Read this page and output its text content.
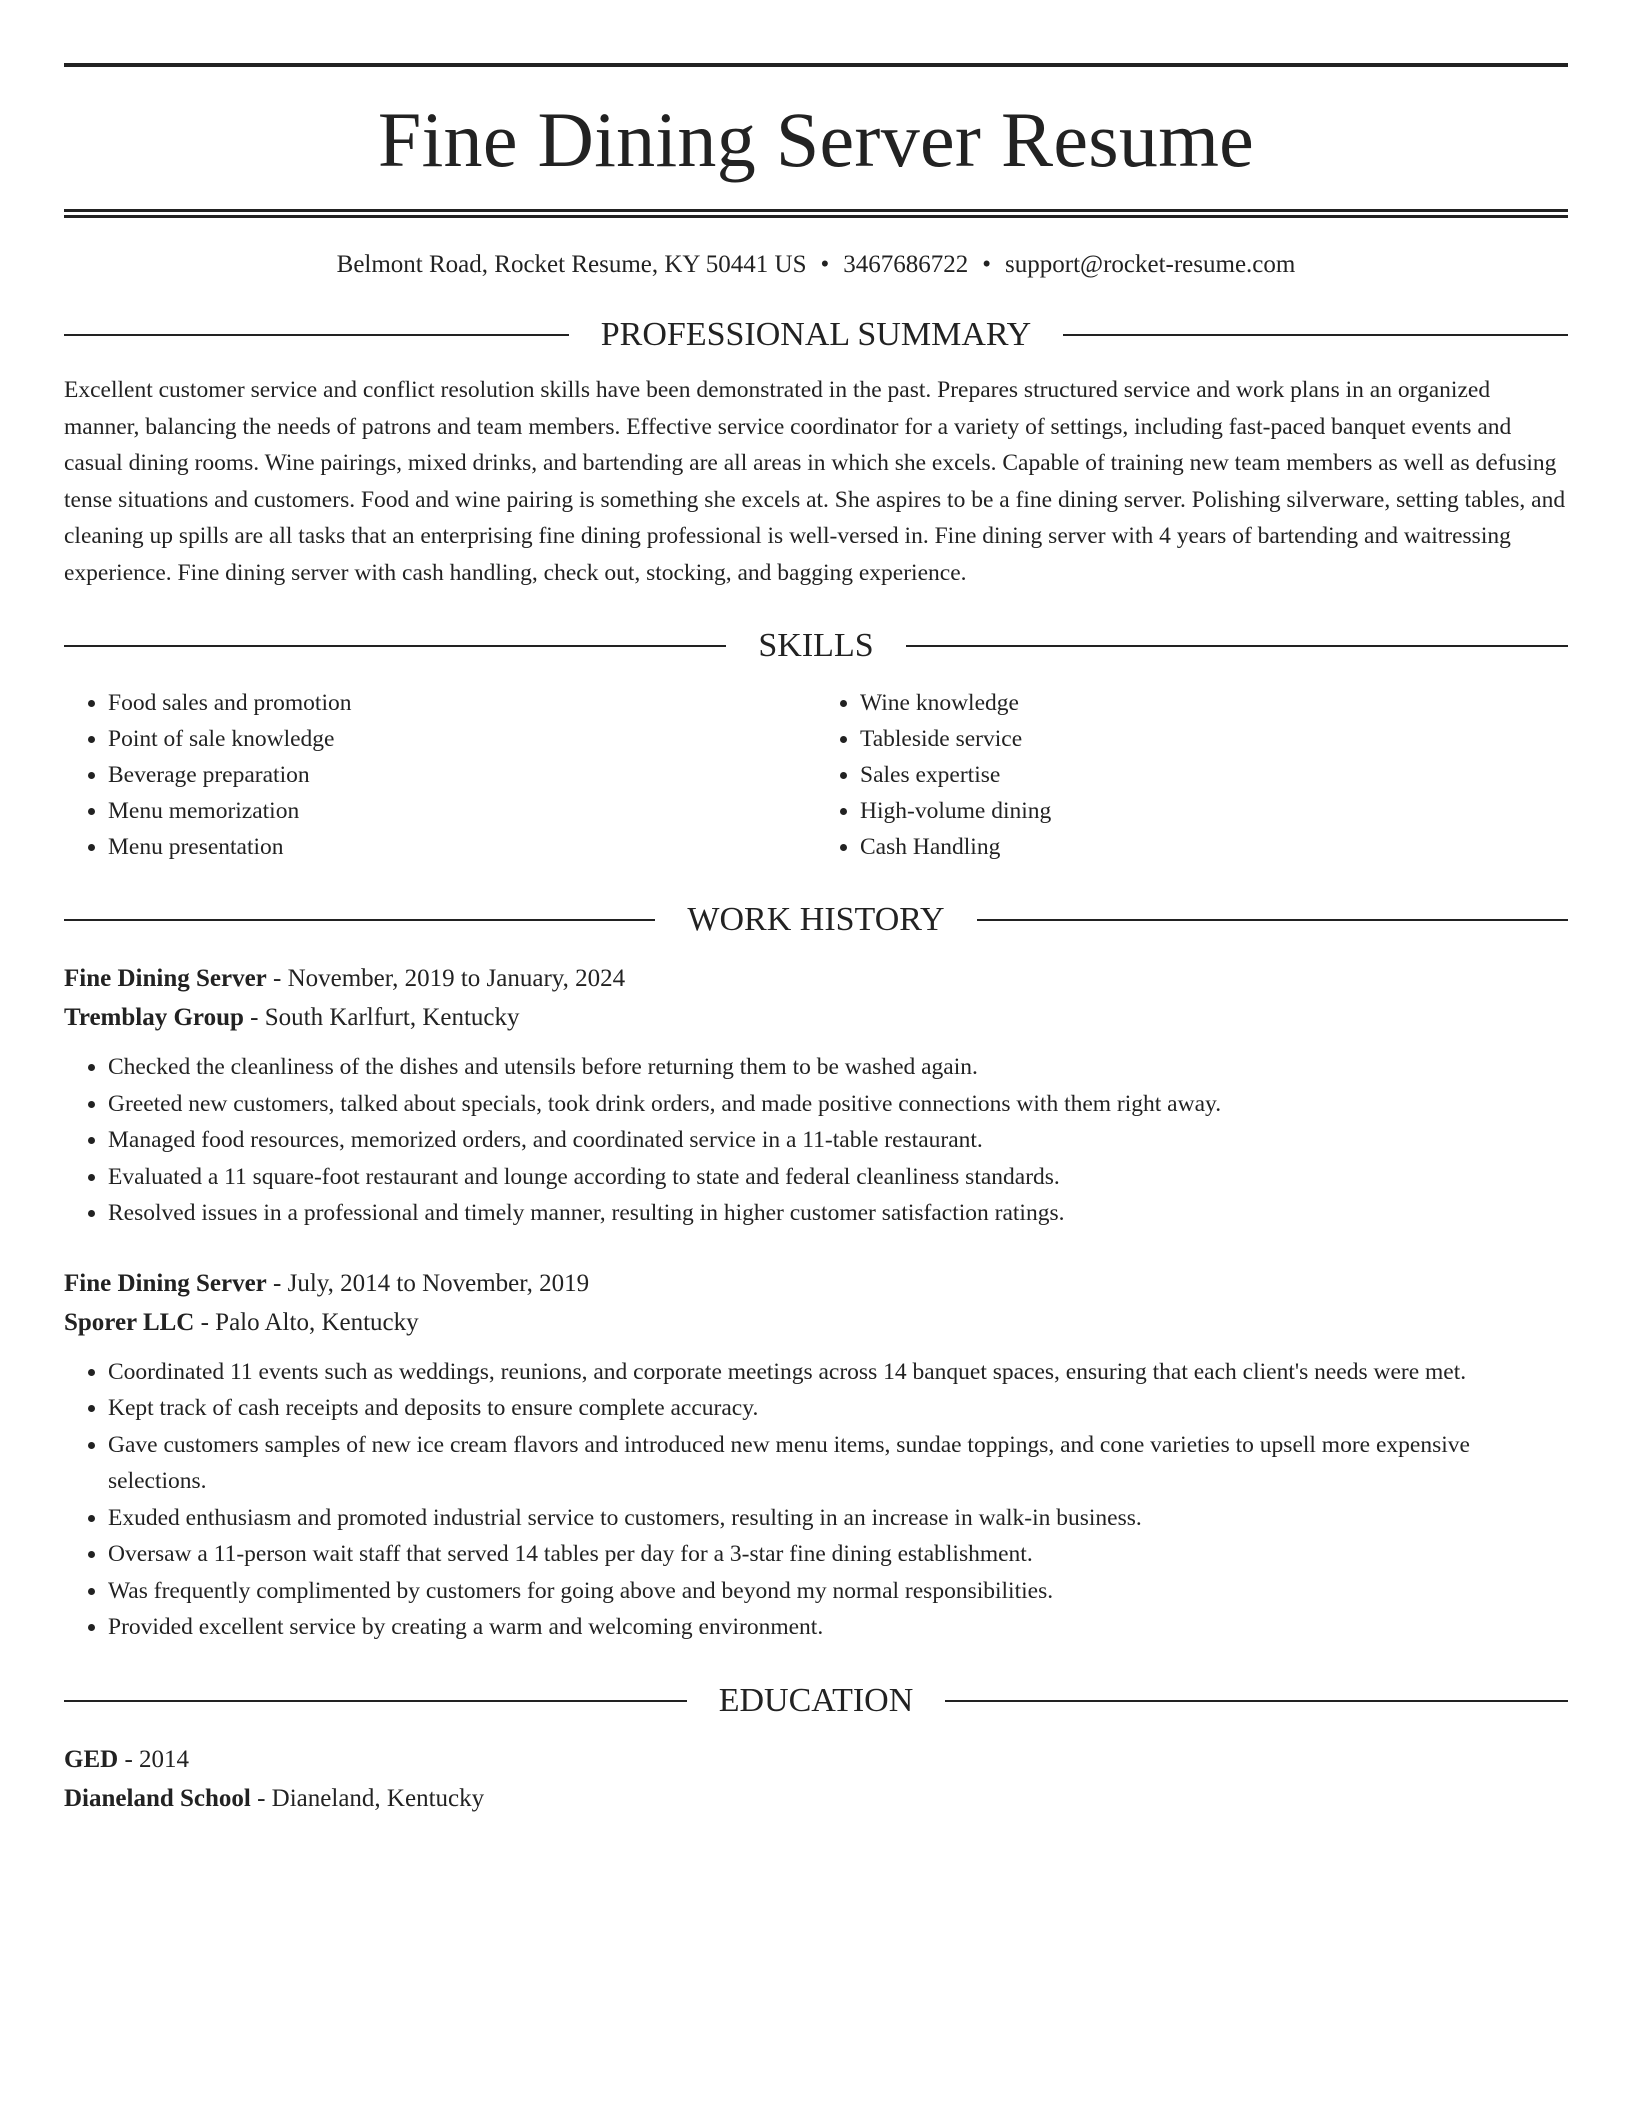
Fine Dining Server Resume
Belmont Road, Rocket Resume, KY 50441 US • 3467686722 • support@rocket-resume.com
PROFESSIONAL SUMMARY
Excellent customer service and conflict resolution skills have been demonstrated in the past. Prepares structured service and work plans in an organized manner, balancing the needs of patrons and team members. Effective service coordinator for a variety of settings, including fast-paced banquet events and casual dining rooms. Wine pairings, mixed drinks, and bartending are all areas in which she excels. Capable of training new team members as well as defusing tense situations and customers. Food and wine pairing is something she excels at. She aspires to be a fine dining server. Polishing silverware, setting tables, and cleaning up spills are all tasks that an enterprising fine dining professional is well-versed in. Fine dining server with 4 years of bartending and waitressing experience. Fine dining server with cash handling, check out, stocking, and bagging experience.
SKILLS
• Food sales and promotion
• Point of sale knowledge
• Beverage preparation
• Menu memorization
• Menu presentation
• Wine knowledge
• Tableside service
• Sales expertise
• High-volume dining
• Cash Handling
WORK HISTORY
Fine Dining Server - November, 2019 to January, 2024
Tremblay Group - South Karlfurt, Kentucky
• Checked the cleanliness of the dishes and utensils before returning them to be washed again.
• Greeted new customers, talked about specials, took drink orders, and made positive connections with them right away.
• Managed food resources, memorized orders, and coordinated service in a 11-table restaurant.
• Evaluated a 11 square-foot restaurant and lounge according to state and federal cleanliness standards.
• Resolved issues in a professional and timely manner, resulting in higher customer satisfaction ratings.
Fine Dining Server - July, 2014 to November, 2019
Sporer LLC - Palo Alto, Kentucky
• Coordinated 11 events such as weddings, reunions, and corporate meetings across 14 banquet spaces, ensuring that each client's needs were met.
• Kept track of cash receipts and deposits to ensure complete accuracy.
• Gave customers samples of new ice cream flavors and introduced new menu items, sundae toppings, and cone varieties to upsell more expensive selections.
• Exuded enthusiasm and promoted industrial service to customers, resulting in an increase in walk-in business.
• Oversaw a 11-person wait staff that served 14 tables per day for a 3-star fine dining establishment.
• Was frequently complimented by customers for going above and beyond my normal responsibilities.
• Provided excellent service by creating a warm and welcoming environment.
EDUCATION
GED - 2014
Dianeland School - Dianeland, Kentucky
